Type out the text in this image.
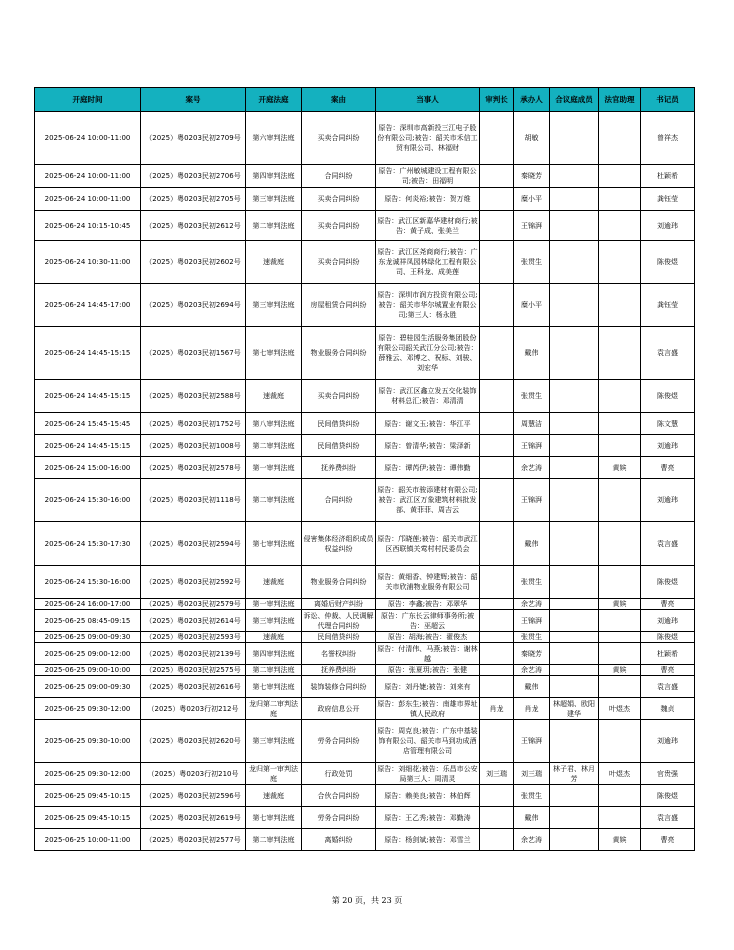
开庭时间	案号	开庭法庭	案由	当事人	审判长	承办人	合议庭成员	法官助理	书记员
2025-06-24 10:00-11:00	（2025）粤0203民初2709号	第六审判法庭	买卖合同纠纷	原告：深圳市高新投三江电子股份有限公司;被告：韶关市禾信工贸有限公司、林福财		胡敏			曾祥杰
2025-06-24 10:00-11:00	（2025）粤0203民初2706号	第四审判法庭	合同纠纷	原告：广州敏城建设工程有限公司;被告：田福明		秦晓芳			杜颖希
2025-06-24 10:00-11:00	（2025）粤0203民初2705号	第三审判法庭	买卖合同纠纷	原告：何炎裕;被告：贺万维		糜小平			龚钰莹
2025-06-24 10:15-10:45	（2025）粤0203民初2612号	第二审判法庭	买卖合同纠纷	原告：武江区新嘉华建材商行;被告：黄子成、张美兰		王锦湃			刘逾玮
2025-06-24 10:30-11:00	（2025）粤0203民初2602号	速裁庭	买卖合同纠纷	原告：武江区尧商商行;被告：广东龙诚祥凤园林绿化工程有限公司、王科龙、成美莲		张贯生			陈俊煜
2025-06-24 14:45-17:00	（2025）粤0203民初2694号	第三审判法庭	房屋租赁合同纠纷	原告：深圳市润方投资有限公司;被告：韶关市华尔城置业有限公司;第三人：杨永胜		糜小平			龚钰莹
2025-06-24 14:45-15:15	（2025）粤0203民初1567号	第七审判法庭	物业服务合同纠纷	原告：碧桂园生活服务集团股份有限公司韶关武江分公司;被告：薛雅云、邓博之、祝标、刘骏、刘宏华		戴伟			袁言盛
2025-06-24 14:45-15:15	（2025）粤0203民初2588号	速裁庭	买卖合同纠纷	原告：武江区鑫立发五交化装饰材料总汇;被告：邓清清		张贯生			陈俊煜
2025-06-24 15:45-15:45	（2025）粤0203民初1752号	第八审判法庭	民间借贷纠纷	原告：谢文玉;被告：华江平		周慧洁			陈文慧
2025-06-24 14:45-15:15	（2025）粤0203民初1008号	第二审判法庭	民间借贷纠纷	原告：曾清华;被告：梁泽新		王锦湃			刘逾玮
2025-06-24 15:00-16:00	（2025）粤0203民初2578号	第一审判法庭	抚养费纠纷	原告：谭芮伊;被告：谭伟勤		余艺涛		黄嫔	曹亮
2025-06-24 15:30-16:00	（2025）粤0203民初1118号	第二审判法庭	合同纠纷	原告：韶关市骏添建材有限公司;被告：武江区万象建筑材料批发部、黄菲菲、周吉云		王锦湃			刘逾玮
2025-06-24 15:30-17:30	（2025）粤0203民初2594号	第七审判法庭	侵害集体经济组织成员权益纠纷	原告：邝晓莲;被告：韶关市武江区西联镇关莺村村民委员会		戴伟			袁言盛
2025-06-24 15:30-16:00	（2025）粤0203民初2592号	速裁庭	物业服务合同纠纷	原告：黄细香、钟建辉;被告：韶关市欣浦物业服务有限公司		张贯生			陈俊煜
2025-06-24 16:00-17:00	（2025）粤0203民初2579号	第一审判法庭	离婚后财产纠纷	原告：李鑫;被告：邓翠华		余艺涛		黄嫔	曹亮
2025-06-25 08:45-09:15	（2025）粤0203民初2614号	第三审判法庭	诉讼、仲裁、人民调解代理合同纠纷	原告：广东长云律师事务所;被告：巫超云		王锦湃			刘逾玮
2025-06-25 09:00-09:30	（2025）粤0203民初2593号	速裁庭	民间借贷纠纷	原告：胡海;被告：翟俊杰		张贯生			陈俊煜
2025-06-25 09:00-12:00	（2025）粤0203民初2139号	第四审判法庭	名誉权纠纷	原告：付清伟、马燕;被告：谢林越		秦晓芳			杜颖希
2025-06-25 09:00-10:00	（2025）粤0203民初2575号	第二审判法庭	抚养费纠纷	原告：张夏玥;被告：张健		余艺涛		黄嫔	曹亮
2025-06-25 09:00-09:30	（2025）粤0203民初2616号	第七审判法庭	装饰装修合同纠纷	原告：刘丹婕;被告：刘来有		戴伟			袁言盛
2025-06-25 09:30-12:00	（2025）粤0203行初212号	龙归第二审判法庭	政府信息公开	原告：彭东生;被告：南雄市界址镇人民政府	肖龙	肖龙	林超娟、欧阳建华	叶煜杰	魏贞
2025-06-25 09:30-10:00	（2025）粤0203民初2620号	第三审判法庭	劳务合同纠纷	原告：周克良;被告：广东中基装饰有限公司、韶关市马到功成酒店管理有限公司		王锦湃			刘逾玮
2025-06-25 09:30-12:00	（2025）粤0203行初210号	龙归第一审判法庭	行政处罚	原告：刘细花;被告：乐昌市公安局第三人：周清灵	刘三瑞	刘三瑞	林子君、林月芳	叶煜杰	官贵强
2025-06-25 09:45-10:15	（2025）粤0203民初2596号	速裁庭	合伙合同纠纷	原告：赖美良;被告：林伯辉		张贯生			陈俊煜
2025-06-25 09:45-10:15	（2025）粤0203民初2619号	第七审判法庭	劳务合同纠纷	原告：王乙秀;被告：邓勤涛		戴伟			袁言盛
2025-06-25 10:00-11:00	（2025）粤0203民初2577号	第二审判法庭	离婚纠纷	原告：杨剑斌;被告：邓雪兰		余艺涛		黄嫔	曹亮
第 20 页，共 23 页
